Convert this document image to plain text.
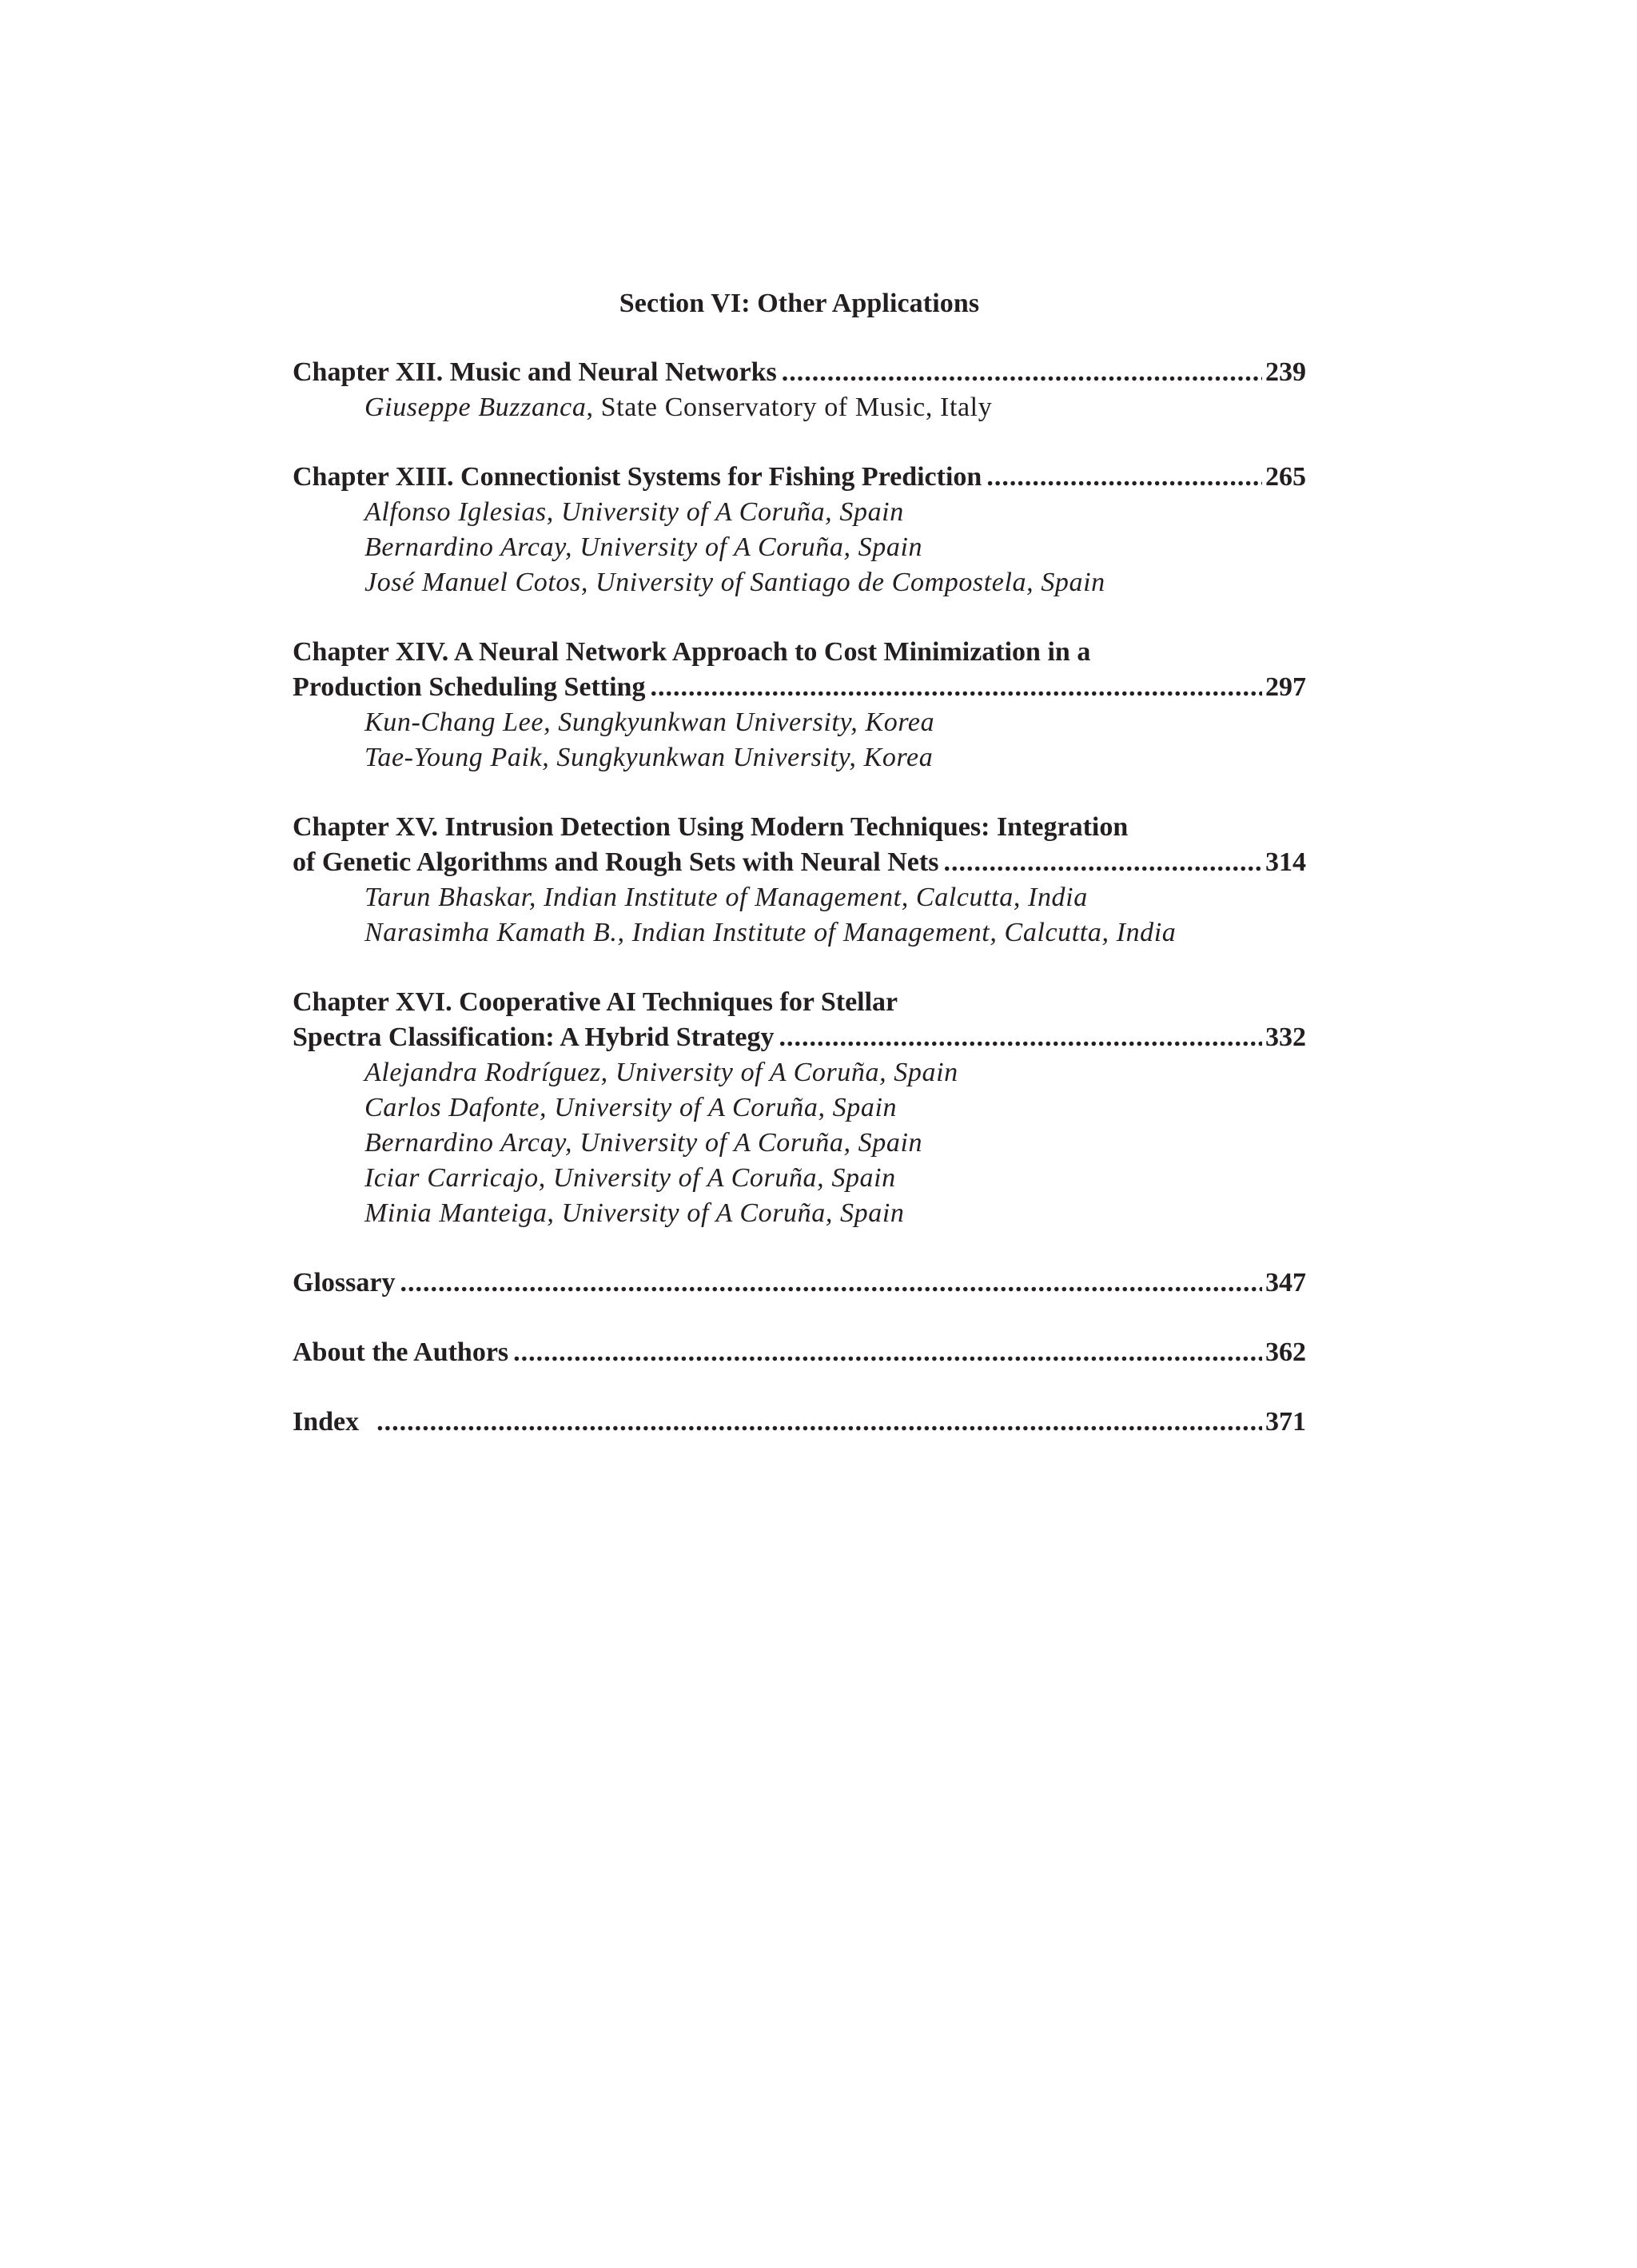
Section VI: Other Applications
Chapter XII. Music and Neural Networks .....	239
Giuseppe Buzzanca, State Conservatory of Music, Italy
Chapter XIII. Connectionist Systems for Fishing Prediction .....	265
Alfonso Iglesias, University of A Coruña, Spain
Bernardino Arcay, University of A Coruña, Spain
José Manuel Cotos, University of Santiago de Compostela, Spain
Chapter XIV. A Neural Network Approach to Cost Minimization in a
Production Scheduling Setting .....	297
Kun-Chang Lee, Sungkyunkwan University, Korea
Tae-Young Paik, Sungkyunkwan University, Korea
Chapter XV. Intrusion Detection Using Modern Techniques: Integration
of Genetic Algorithms and Rough Sets with Neural Nets .....	314
Tarun Bhaskar, Indian Institute of Management, Calcutta, India
Narasimha Kamath B., Indian Institute of Management, Calcutta, India
Chapter XVI. Cooperative AI Techniques for Stellar
Spectra Classification: A Hybrid Strategy .....	332
Alejandra Rodríguez, University of A Coruña, Spain
Carlos Dafonte, University of A Coruña, Spain
Bernardino Arcay, University of A Coruña, Spain
Iciar Carricajo, University of A Coruña, Spain
Minia Manteiga, University of A Coruña, Spain
Glossary .....	347
About the Authors .....	362
Index .....	371
